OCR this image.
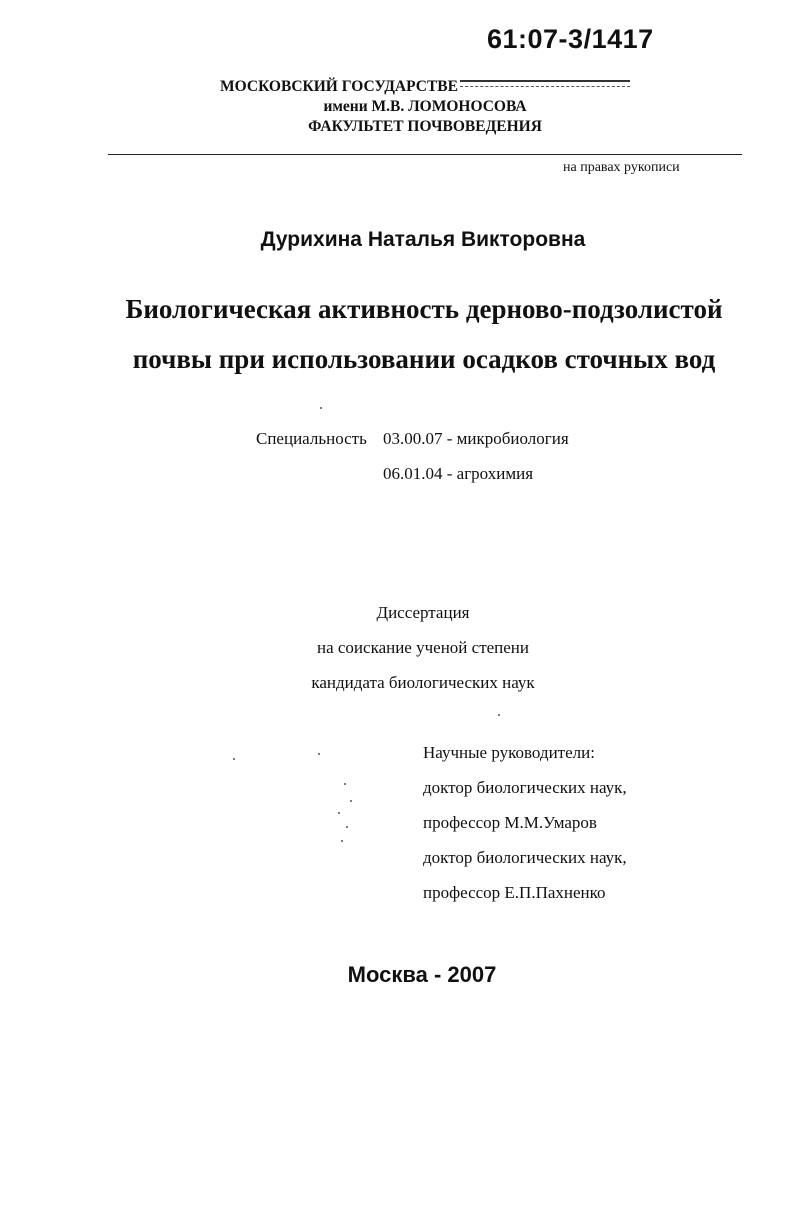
61:07-3/1417
МОСКОВСКИЙ ГОСУДАРСТВЕ
имени М.В. ЛОМОНОСОВА
ФАКУЛЬТЕТ ПОЧВОВЕДЕНИЯ
на правах рукописи
Дурихина Наталья Викторовна
Биологическая активность дерново-подзолистой
почвы при использовании осадков сточных вод
Специальность 03.00.07 - микробиология
06.01.04 - агрохимия
Диссертация
на соискание ученой степени
кандидата биологических наук
Научные руководители:
доктор биологических наук,
профессор М.М.Умаров
доктор биологических наук,
профессор Е.П.Пахненко
Москва - 2007
